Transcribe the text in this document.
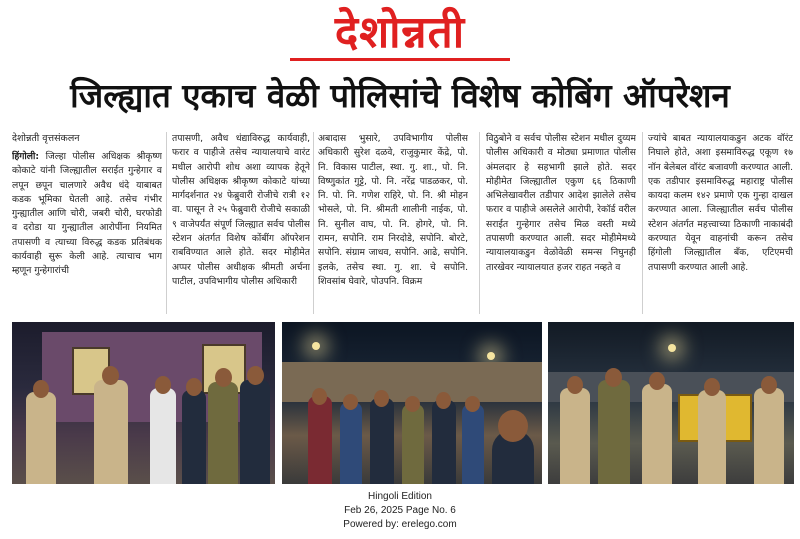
देशोन्नती
जिल्ह्यात एकाच वेळी पोलिसांचे विशेष कोबिंग ऑपरेशन
देशोन्नती वृत्तसंकलन

हिंगोली: जिल्हा पोलीस अधिक्षक श्रीकृष्ण कोकाटे यांनी जिल्ह्यातील सराईत गुन्हेगार व लपून छपून चालणारे अवैध धंदे याबाबत कडक भूमिका घेतली आहे. तसेच गंभीर गुन्ह्यातील आणि चोरी, जबरी चोरी, घरफोडी व दरोडा या गुन्ह्यातील आरोपींना नियमित तपासणी व त्याच्या विरुद्ध कडक प्रतिबंधक कार्यवाही सुरू केली आहे. त्याचाच भाग म्हणून गुन्हेगारांची

तपासणी, अवैध धंद्याविरुद्ध कार्यवाही, फरार व पाहीजे तसेच न्यायालयाचे वारंट मधील आरोपी शोध अशा व्यापक हेतूने पोलीस अधिक्षक श्रीकृष्ण कोकाटे यांच्या मार्गदर्शनात २४ फेब्रुवारी रोजीचे रात्री १२ वा. पासून ते २५ फेब्रुवारी रोजीचे सकाळी ९ वाजेपर्यंत संपूर्ण जिल्ह्यात सर्वच पोलीस स्टेशन अंतर्गत विशेष कोंबींग ऑपरेशन राबविण्यात आले होते. सदर मोहीमेत अप्पर पोलीस अधीक्षक श्रीमती अर्चना पाटील, उपविभागीय पोलीस अधिकारी

अबादास भुसारे, उपविभागीय पोलीस अधिकारी सुरेश दळवे, राजुकुमार केंद्रे, पो. नि. विकास पाटील, स्था. गु. शा., पो. नि. विष्णुकांत गुट्टे, पो. नि. नरेंद्र पाडळकर, पो. नि. पो. नि. गणेश राहिरे, पो. नि. श्री मोहन भोसले, पो. नि. श्रीमती शालीनी नाईक, पो. नि. सुनील वाघ, पो. नि. होगरे, पो. नि. रामन, सपोनि. राम निरदोडे, सपोनि. बोरटे, सपोनि. संग्राम जाधव, सपोनि. आढे, सपोनि. इलके, तसेच स्था. गु. शा. चे सपोनि. शिवसांब घेवारे, पोउपनि. विक्रम

विठुबोने व सर्वच पोलीस स्टेशन मधील दुय्यम पोलीस अधिकारी व मोठ्या प्रमाणात पोलीस अंमलदार हे सहभागी झाले होते. सदर मोहीमेत जिल्ह्यातील एकुण ६६ ठिकाणी अभिलेखावरील तडीपार आदेश झालेले तसेच फरार व पाहीजे असलेले आरोपी, रेकॉर्ड वरील सराईत गुन्हेगार तसेच मिळ वस्ती मध्ये तपासणी करण्यात आली. सदर मोहीमेमध्ये न्यायालयाकडुन वेळोवेळी समन्स निघुनही तारखेवर न्यायालयात हजर राहत नव्हते व

ज्यांचे बाबत न्यायालयाकडुन अटक वॉरंट निघाले होते, अशा इसमाविरुद्ध एकूण १७ नॉन बेलेबल वॉरंट बजावणी करण्यात आली. एक तडीपार इसमाविरुद्ध महाराष्ट्र पोलीस कायदा कलम १४२ प्रमाणे एक गुन्हा दाखल करण्यात आला. जिल्ह्यातील सर्वच पोलीस स्टेशन अंतर्गत महत्त्वाच्या ठिकाणी नाकाबंदी करण्यात येवून वाहनांची करून तसेच हिंगोली जिल्ह्यातील बँक, एटिएमची तपासणी करण्यात आली आहे.

Hingoli Edition
Feb 26, 2025 Page No. 6
Powered by: erelego.com
